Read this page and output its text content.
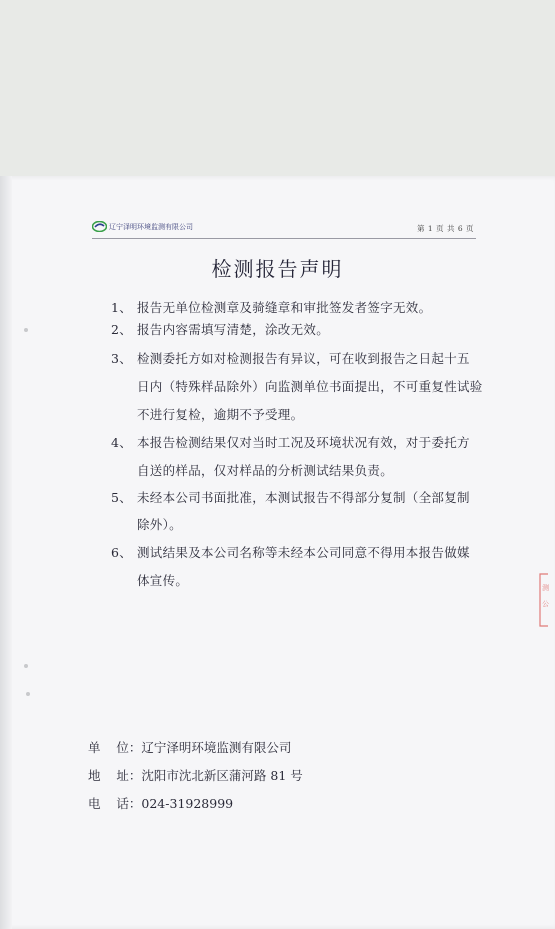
辽宁泽明环境监测有限公司	第 1 页 共 6 页
检测报告声明
1、 报告无单位检测章及骑缝章和审批签发者签字无效。
2、 报告内容需填写清楚，涂改无效。
3、 检测委托方如对检测报告有异议，可在收到报告之日起十五
日内（特殊样品除外）向监测单位书面提出，不可重复性试验
不进行复检，逾期不予受理。
4、 本报告检测结果仅对当时工况及环境状况有效，对于委托方
自送的样品，仅对样品的分析测试结果负责。
5、 未经本公司书面批准，本测试报告不得部分复制（全部复制
除外）。
6、 测试结果及本公司名称等未经本公司同意不得用本报告做媒
体宣传。
单    位：辽宁泽明环境监测有限公司
地    址：沈阳市沈北新区蒲河路 81 号
电    话：024-31928999
测
公
